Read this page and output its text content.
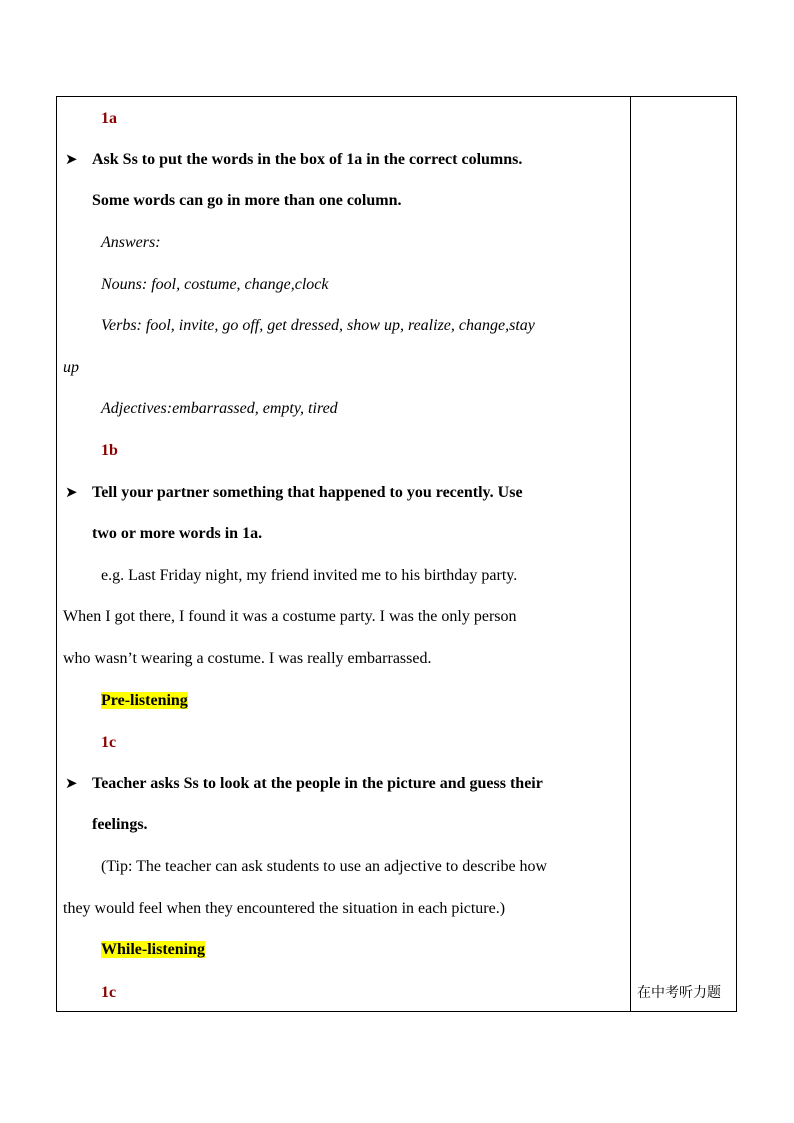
1a
➤ Ask Ss to put the words in the box of 1a in the correct columns.
Some words can go in more than one column.
Answers:
Nouns: fool, costume, change,clock
Verbs: fool, invite, go off, get dressed, show up, realize, change,stay
up
Adjectives:embarrassed, empty, tired
1b
➤ Tell your partner something that happened to you recently. Use
two or more words in 1a.
e.g. Last Friday night, my friend invited me to his birthday party.
When I got there, I found it was a costume party. I was the only person
who wasn’t wearing a costume. I was really embarrassed.
Pre-listening
1c
➤ Teacher asks Ss to look at the people in the picture and guess their
feelings.
(Tip: The teacher can ask students to use an adjective to describe how
they would feel when they encountered the situation in each picture.)
While-listening
1c	在中考听力题
